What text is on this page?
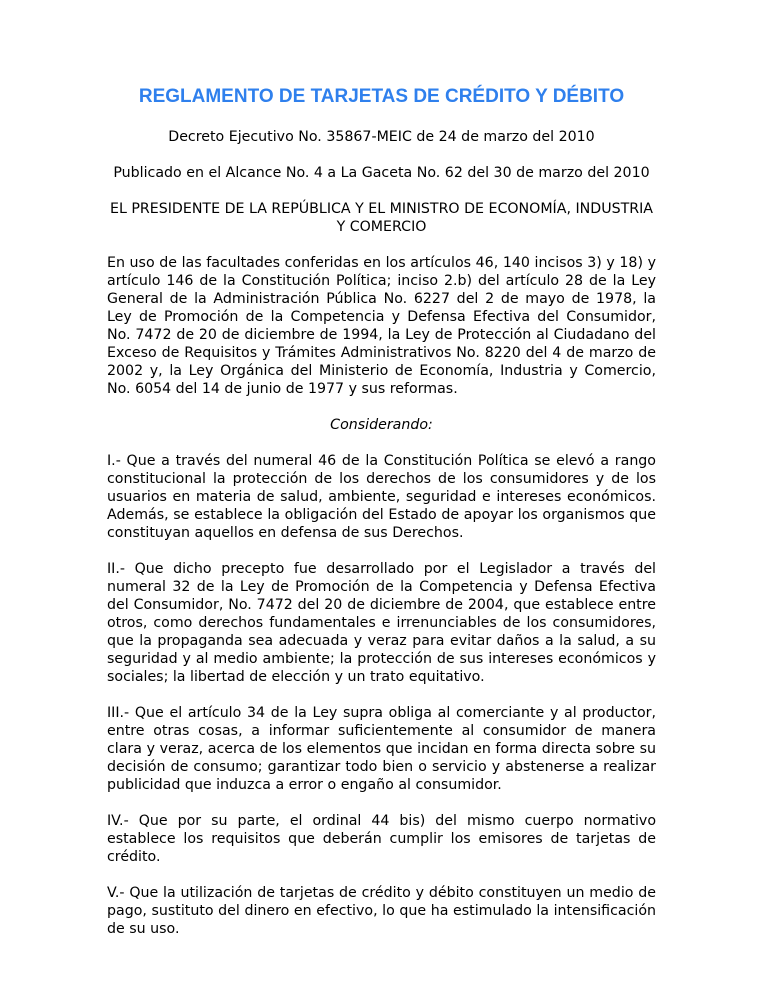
REGLAMENTO DE TARJETAS DE CRÉDITO Y DÉBITO

Decreto Ejecutivo No. 35867-MEIC de 24 de marzo del 2010

Publicado en el Alcance No. 4 a La Gaceta No. 62 del 30 de marzo del 2010

EL PRESIDENTE DE LA REPÚBLICA Y EL MINISTRO DE ECONOMÍA, INDUSTRIA Y COMERCIO

En uso de las facultades conferidas en los artículos 46, 140 incisos 3) y 18) y artículo 146 de la Constitución Política; inciso 2.b) del artículo 28 de la Ley General de la Administración Pública No. 6227 del 2 de mayo de 1978, la Ley de Promoción de la Competencia y Defensa Efectiva del Consumidor, No. 7472 de 20 de diciembre de 1994, la Ley de Protección al Ciudadano del Exceso de Requisitos y Trámites Administrativos No. 8220 del 4 de marzo de 2002 y, la Ley Orgánica del Ministerio de Economía, Industria y Comercio, No. 6054 del 14 de junio de 1977 y sus reformas.

Considerando:

I.- Que a través del numeral 46 de la Constitución Política se elevó a rango constitucional la protección de los derechos de los consumidores y de los usuarios en materia de salud, ambiente, seguridad e intereses económicos. Además, se establece la obligación del Estado de apoyar los organismos que constituyan aquellos en defensa de sus Derechos.

II.- Que dicho precepto fue desarrollado por el Legislador a través del numeral 32 de la Ley de Promoción de la Competencia y Defensa Efectiva del Consumidor, No. 7472 del 20 de diciembre de 2004, que establece entre otros, como derechos fundamentales e irrenunciables de los consumidores, que la propaganda sea adecuada y veraz para evitar daños a la salud, a su seguridad y al medio ambiente; la protección de sus intereses económicos y sociales; la libertad de elección y un trato equitativo.

III.- Que el artículo 34 de la Ley supra obliga al comerciante y al productor, entre otras cosas, a informar suficientemente al consumidor de manera clara y veraz, acerca de los elementos que incidan en forma directa sobre su decisión de consumo; garantizar todo bien o servicio y abstenerse a realizar publicidad que induzca a error o engaño al consumidor.

IV.- Que por su parte, el ordinal 44 bis) del mismo cuerpo normativo establece los requisitos que deberán cumplir los emisores de tarjetas de crédito.

V.- Que la utilización de tarjetas de crédito y débito constituyen un medio de pago, sustituto del dinero en efectivo, lo que ha estimulado la intensificación de su uso.
